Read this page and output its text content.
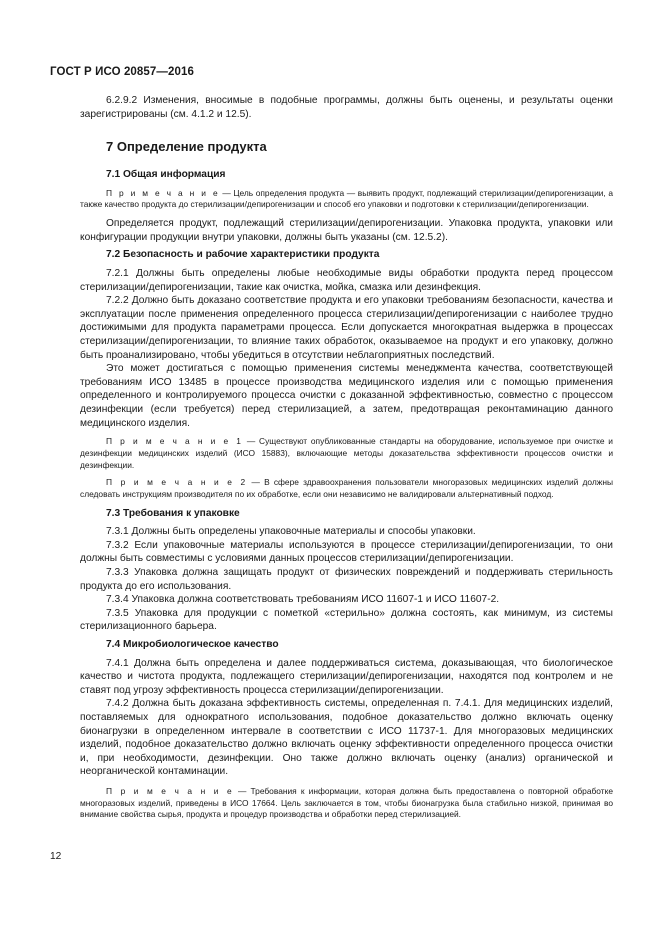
ГОСТ Р ИСО 20857—2016

6.2.9.2 Изменения, вносимые в подобные программы, должны быть оценены, и результаты оценки зарегистрированы (см. 4.1.2 и 12.5).

7 Определение продукта
7.1 Общая информация

П р и м е ч а н и е — Цель определения продукта — выявить продукт, подлежащий стерилизации/депирогенизации, а также качество продукта до стерилизации/депирогенизации и способ его упаковки и подготовки к стерилизации/депирогенизации.

Определяется продукт, подлежащий стерилизации/депирогенизации. Упаковка продукта, упаковки или конфигурации продукции внутри упаковки, должны быть указаны (см. 12.5.2).

7.2 Безопасность и рабочие характеристики продукта

7.2.1 Должны быть определены любые необходимые виды обработки продукта перед процессом стерилизации/депирогенизации, такие как очистка, мойка, смазка или дезинфекция.

7.2.2 Должно быть доказано соответствие продукта и его упаковки требованиям безопасности, качества и эксплуатации после применения определенного процесса стерилизации/депирогенизации с наиболее трудно достижимыми для продукта параметрами процесса. Если допускается многократная выдержка в процессах стерилизации/депирогенизации, то влияние таких обработок, оказываемое на продукт и его упаковку, должно быть проанализировано, чтобы убедиться в отсутствии неблагоприятных последствий.

Это может достигаться с помощью применения системы менеджмента качества, соответствующей требованиям ИСО 13485 в процессе производства медицинского изделия или с помощью применения определенного и контролируемого процесса очистки с доказанной эффективностью, совместно с процессом дезинфекции (если требуется) перед стерилизацией, а затем, предотвращая реконтаминацию данного медицинского изделия.

П р и м е ч а н и е 1 — Существуют опубликованные стандарты на оборудование, используемое при очистке и дезинфекции медицинских изделий (ИСО 15883), включающие методы доказательства эффективности процессов очистки и дезинфекции.

П р и м е ч а н и е 2 — В сфере здравоохранения пользователи многоразовых медицинских изделий должны следовать инструкциям производителя по их обработке, если они независимо не валидировали альтернативный подход.

7.3 Требования к упаковке

7.3.1 Должны быть определены упаковочные материалы и способы упаковки.

7.3.2 Если упаковочные материалы используются в процессе стерилизации/депирогенизации, то они должны быть совместимы с условиями данных процессов стерилизации/депирогенизации.

7.3.3 Упаковка должна защищать продукт от физических повреждений и поддерживать стерильность продукта до его использования.

7.3.4 Упаковка должна соответствовать требованиям ИСО 11607-1 и ИСО 11607-2.

7.3.5 Упаковка для продукции с пометкой «стерильно» должна состоять, как минимум, из системы стерилизационного барьера.

7.4 Микробиологическое качество

7.4.1 Должна быть определена и далее поддерживаться система, доказывающая, что биологическое качество и чистота продукта, подлежащего стерилизации/депирогенизации, находятся под контролем и не ставят под угрозу эффективность процесса стерилизации/депирогенизации.

7.4.2 Должна быть доказана эффективность системы, определенная п. 7.4.1. Для медицинских изделий, поставляемых для однократного использования, подобное доказательство должно включать оценку бионагрузки в определенном интервале в соответствии с ИСО 11737-1. Для многоразовых медицинских изделий, подобное доказательство должно включать оценку эффективности определенного процесса очистки и, при необходимости, дезинфекции. Оно также должно включать оценку (анализ) органической и неорганической контаминации.

П р и м е ч а н и е — Требования к информации, которая должна быть предоставлена о повторной обработке многоразовых изделий, приведены в ИСО 17664. Цель заключается в том, чтобы бионагрузка была стабильно низкой, принимая во внимание свойства сырья, продукта и процедур производства и обработки перед стерилизацией.

12
